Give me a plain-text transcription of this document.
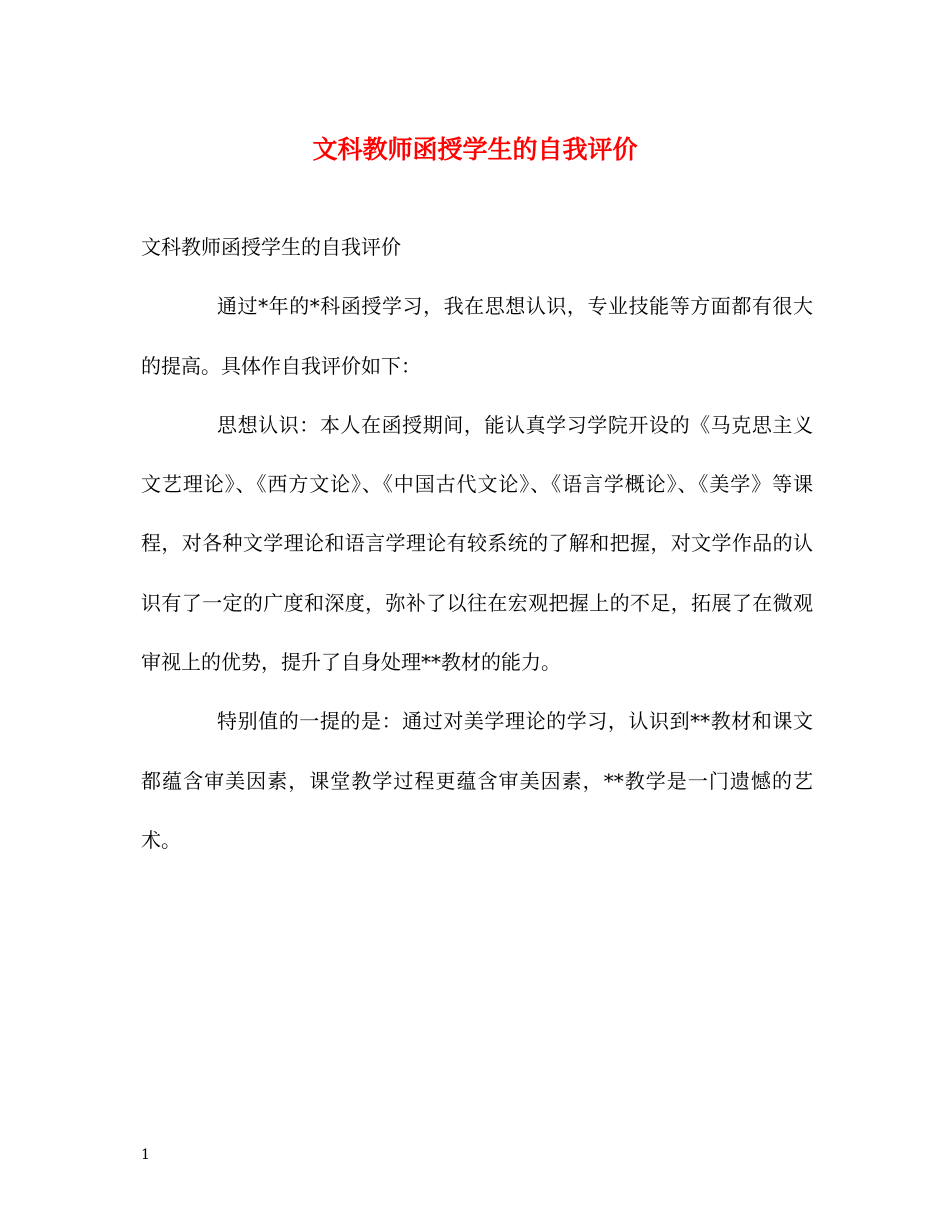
文科教师函授学生的自我评价

文科教师函授学生的自我评价

通过*年的*科函授学习，我在思想认识，专业技能等方面都有很大的提高。具体作自我评价如下：

思想认识：本人在函授期间，能认真学习学院开设的《马克思主义文艺理论》、《西方文论》、《中国古代文论》、《语言学概论》、《美学》等课程，对各种文学理论和语言学理论有较系统的了解和把握，对文学作品的认识有了一定的广度和深度，弥补了以往在宏观把握上的不足，拓展了在微观审视上的优势，提升了自身处理**教材的能力。

特别值的一提的是：通过对美学理论的学习，认识到**教材和课文都蕴含审美因素，课堂教学过程更蕴含审美因素，**教学是一门遗憾的艺术。

1
